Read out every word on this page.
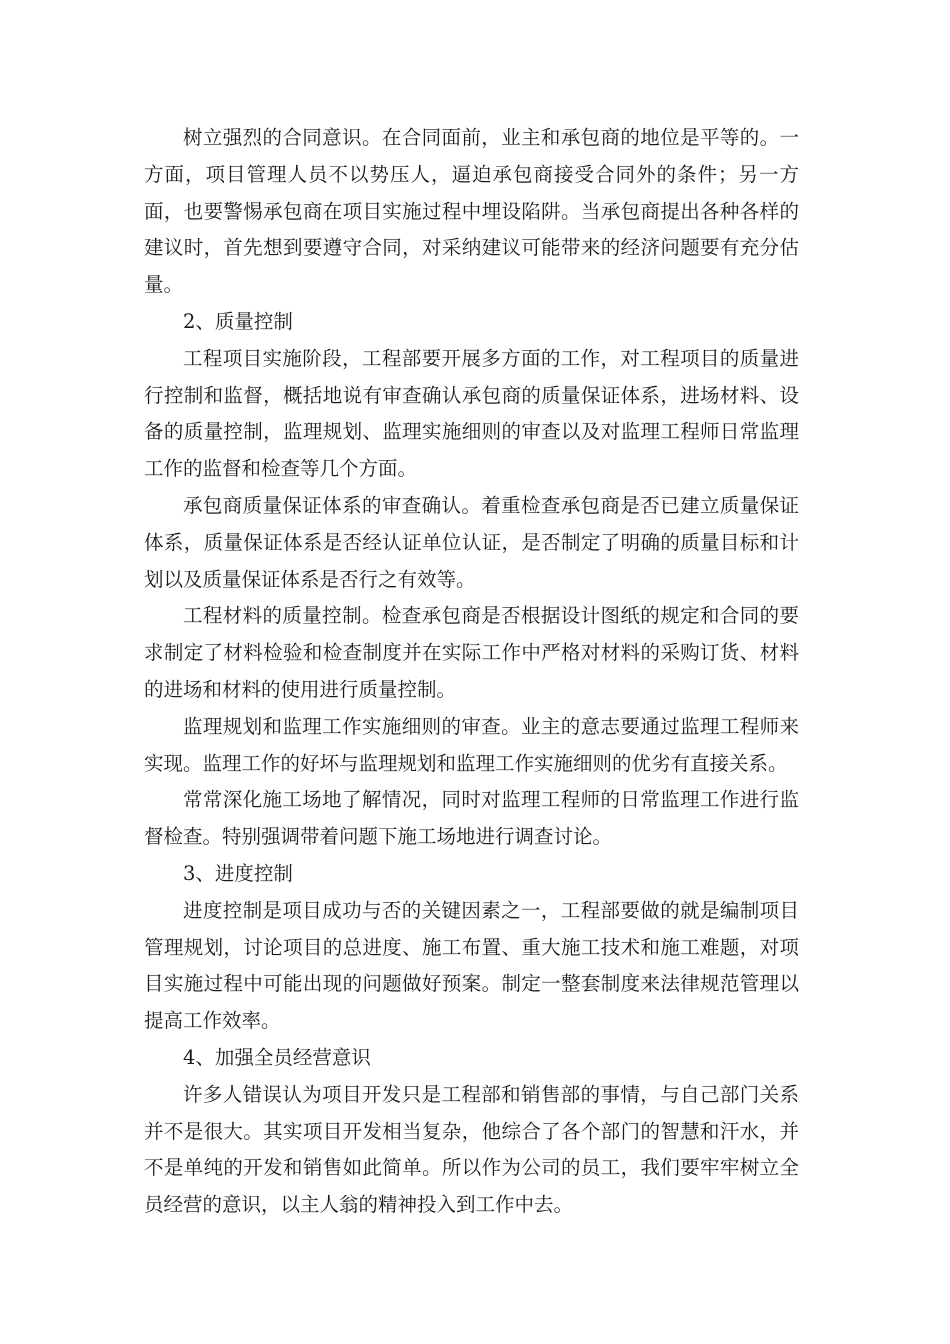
树立强烈的合同意识。在合同面前，业主和承包商的地位是平等的。一方面，项目管理人员不以势压人，逼迫承包商接受合同外的条件；另一方面，也要警惕承包商在项目实施过程中埋设陷阱。当承包商提出各种各样的建议时，首先想到要遵守合同，对采纳建议可能带来的经济问题要有充分估量。

2、质量控制

工程项目实施阶段，工程部要开展多方面的工作，对工程项目的质量进行控制和监督，概括地说有审查确认承包商的质量保证体系，进场材料、设备的质量控制，监理规划、监理实施细则的审查以及对监理工程师日常监理工作的监督和检查等几个方面。

承包商质量保证体系的审查确认。着重检查承包商是否已建立质量保证体系，质量保证体系是否经认证单位认证，是否制定了明确的质量目标和计划以及质量保证体系是否行之有效等。

工程材料的质量控制。检查承包商是否根据设计图纸的规定和合同的要求制定了材料检验和检查制度并在实际工作中严格对材料的采购订货、材料的进场和材料的使用进行质量控制。

监理规划和监理工作实施细则的审查。业主的意志要通过监理工程师来实现。监理工作的好坏与监理规划和监理工作实施细则的优劣有直接关系。

常常深化施工场地了解情况，同时对监理工程师的日常监理工作进行监督检查。特别强调带着问题下施工场地进行调查讨论。

3、进度控制

进度控制是项目成功与否的关键因素之一，工程部要做的就是编制项目管理规划，讨论项目的总进度、施工布置、重大施工技术和施工难题，对项目实施过程中可能出现的问题做好预案。制定一整套制度来法律规范管理以提高工作效率。

4、加强全员经营意识

许多人错误认为项目开发只是工程部和销售部的事情，与自己部门关系并不是很大。其实项目开发相当复杂，他综合了各个部门的智慧和汗水，并不是单纯的开发和销售如此简单。所以作为公司的员工，我们要牢牢树立全员经营的意识，以主人翁的精神投入到工作中去。
